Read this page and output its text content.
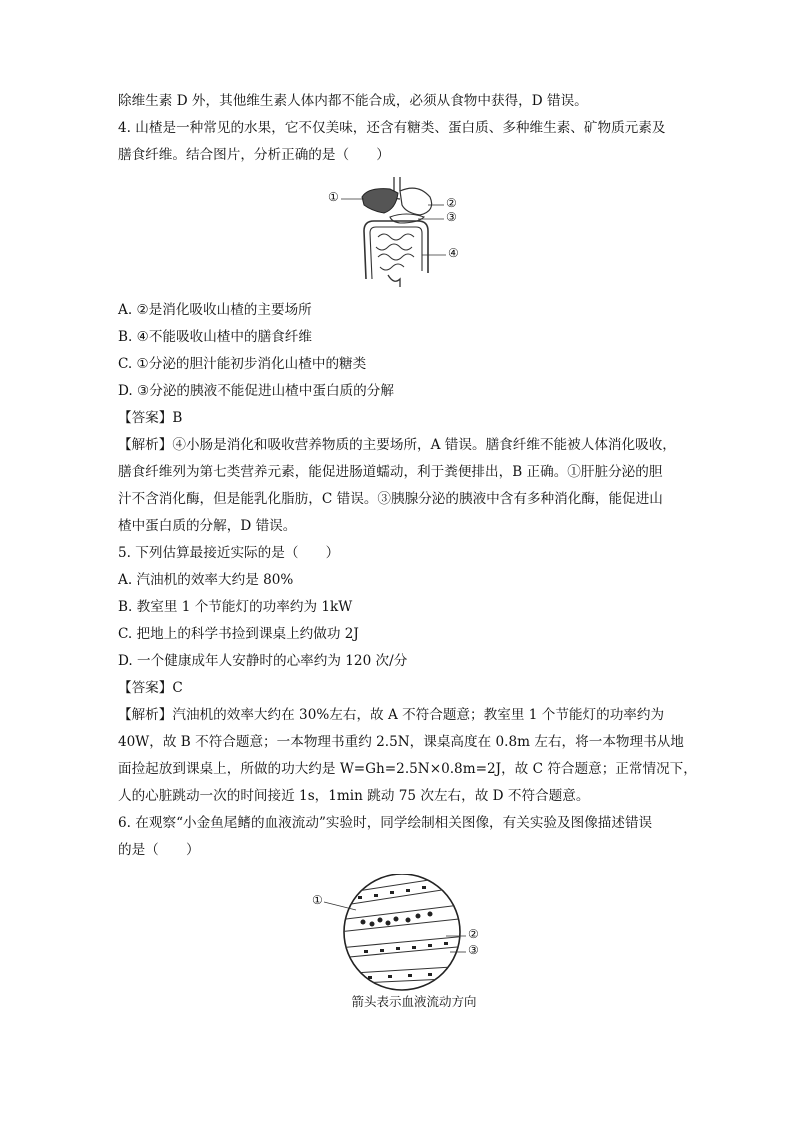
除维生素 D 外，其他维生素人体内都不能合成，必须从食物中获得，D 错误。
4. 山楂是一种常见的水果，它不仅美味，还含有糖类、蛋白质、多种维生素、矿物质元素及
膳食纤维。结合图片，分析正确的是（　　）
①	②
③
④
A. ②是消化吸收山楂的主要场所
B. ④不能吸收山楂中的膳食纤维
C. ①分泌的胆汁能初步消化山楂中的糖类
D. ③分泌的胰液不能促进山楂中蛋白质的分解
【答案】B
【解析】④小肠是消化和吸收营养物质的主要场所，A 错误。膳食纤维不能被人体消化吸收，
膳食纤维列为第七类营养元素，能促进肠道蠕动，利于粪便排出，B 正确。①肝脏分泌的胆
汁不含消化酶，但是能乳化脂肪，C 错误。③胰腺分泌的胰液中含有多种消化酶，能促进山
楂中蛋白质的分解，D 错误。
5. 下列估算最接近实际的是（　　）
A. 汽油机的效率大约是 80%
B. 教室里 1 个节能灯的功率约为 1kW
C. 把地上的科学书捡到课桌上约做功 2J
D. 一个健康成年人安静时的心率约为 120 次/分
【答案】C
【解析】汽油机的效率大约在 30%左右，故 A 不符合题意；教室里 1 个节能灯的功率约为
40W，故 B 不符合题意；一本物理书重约 2.5N，课桌高度在 0.8m 左右，将一本物理书从地
面捡起放到课桌上，所做的功大约是 W=Gh=2.5N×0.8m=2J，故 C 符合题意；正常情况下，
人的心脏跳动一次的时间接近 1s，1min 跳动 75 次左右，故 D 不符合题意。
6. 在观察“小金鱼尾鳍的血液流动”实验时，同学绘制相关图像，有关实验及图像描述错误
的是（　　）
①
②
③
箭头表示血液流动方向
